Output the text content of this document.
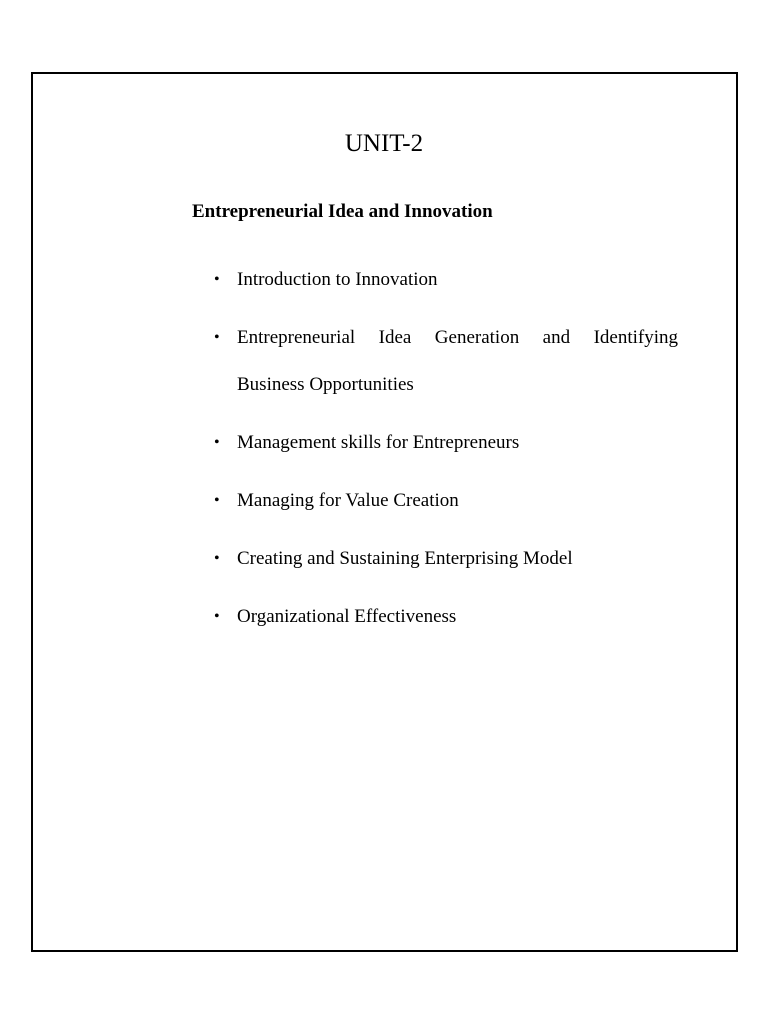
UNIT-2
Entrepreneurial Idea and Innovation
• Introduction to Innovation
• Entrepreneurial Idea Generation and Identifying
Business Opportunities
• Management skills for Entrepreneurs
• Managing for Value Creation
• Creating and Sustaining Enterprising Model
• Organizational Effectiveness
